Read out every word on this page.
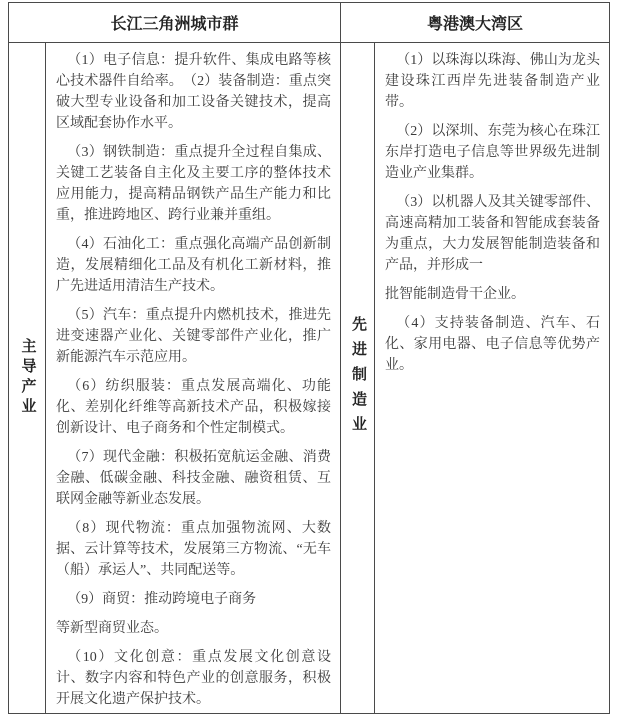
长江三角洲城市群	粤港澳大湾区
主导产业

（1）电子信息：提升软件、集成电路等核心技术器件自给率。　（2）装备制造：重点突破大型专业设备和加工设备关键技术，提高区域配套协作水平。

（3）钢铁制造：重点提升全过程自集成、关键工艺装备自主化及主要工序的整体技术应用能力，提高精品钢铁产品生产能力和比重，推进跨地区、跨行业兼并重组。

（4）石油化工：重点强化高端产品创新制造，发展精细化工品及有机化工新材料，推广先进适用清洁生产技术。

（5）汽车：重点提升内燃机技术，推进先进变速器产业化、关键零部件产业化，推广新能源汽车示范应用。

（6）纺织服装：重点发展高端化、功能化、差别化纤维等高新技术产品，积极嫁接创新设计、电子商务和个性定制模式。

（7）现代金融：积极拓宽航运金融、消费金融、低碳金融、科技金融、融资租赁、互联网金融等新业态发展。

（8）现代物流：重点加强物流网、大数据、云计算等技术，发展第三方物流、“无车（船）承运人”、共同配送等。

（9）商贸：推动跨境电子商务

等新型商贸业态。

（10）文化创意：重点发展文化创意设计、数字内容和特色产业的创意服务，积极开展文化遗产保护技术。

先进制造业

（1）以珠海以珠海、佛山为龙头建设珠江西岸先进装备制造产业带。

（2）以深圳、东莞为核心在珠江东岸打造电子信息等世界级先进制造业产业集群。

（3）以机器人及其关键零部件、高速高精加工装备和智能成套装备为重点，大力发展智能制造装备和产品，并形成一

批智能制造骨干企业。

（4）支持装备制造、汽车、石化、家用电器、电子信息等优势产业。
